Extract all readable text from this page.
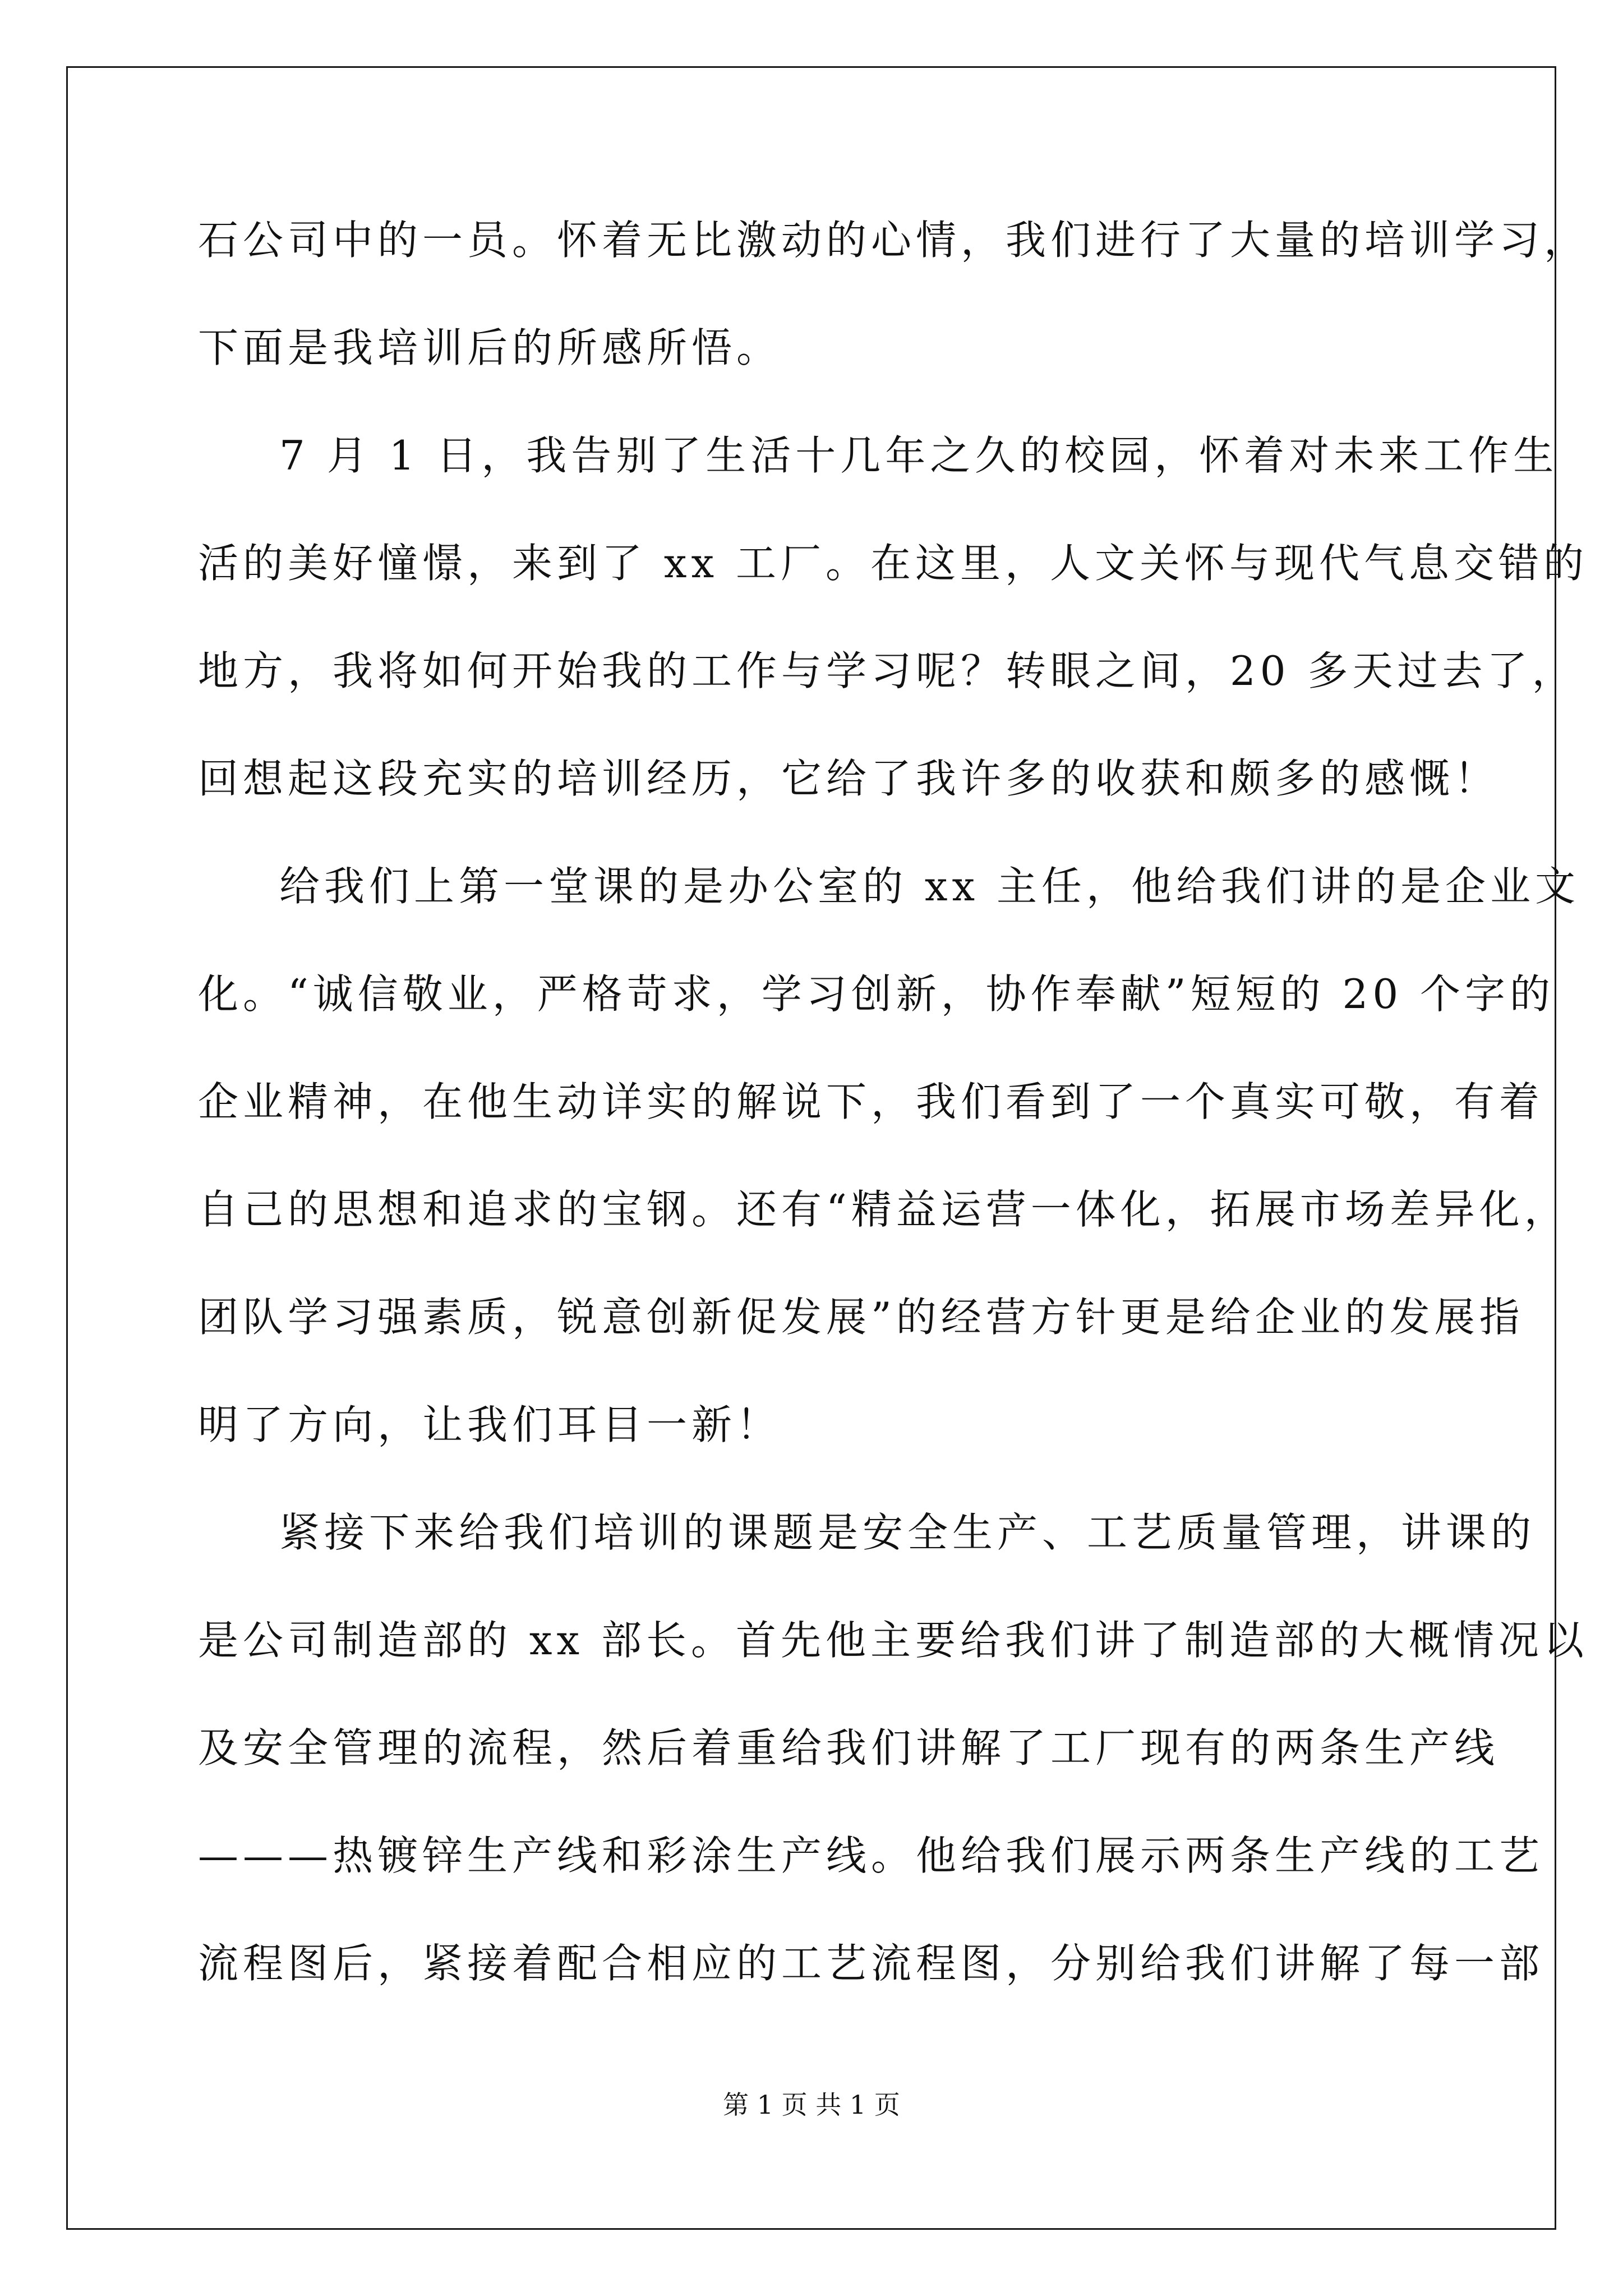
石公司中的一员。怀着无比激动的心情，我们进行了大量的培训学习，
下面是我培训后的所感所悟。
7 月 1 日，我告别了生活十几年之久的校园，怀着对未来工作生
活的美好憧憬，来到了 xx 工厂。在这里，人文关怀与现代气息交错的
地方，我将如何开始我的工作与学习呢？转眼之间，20 多天过去了，
回想起这段充实的培训经历，它给了我许多的收获和颇多的感慨！
给我们上第一堂课的是办公室的 xx 主任，他给我们讲的是企业文
化。“诚信敬业，严格苛求，学习创新，协作奉献”短短的 20 个字的
企业精神，在他生动详实的解说下，我们看到了一个真实可敬，有着
自己的思想和追求的宝钢。还有“精益运营一体化，拓展市场差异化，
团队学习强素质，锐意创新促发展”的经营方针更是给企业的发展指
明了方向，让我们耳目一新！
紧接下来给我们培训的课题是安全生产、工艺质量管理，讲课的
是公司制造部的 xx 部长。首先他主要给我们讲了制造部的大概情况以
及安全管理的流程，然后着重给我们讲解了工厂现有的两条生产线
———热镀锌生产线和彩涂生产线。他给我们展示两条生产线的工艺
流程图后，紧接着配合相应的工艺流程图，分别给我们讲解了每一部
第 1 页 共 1 页
